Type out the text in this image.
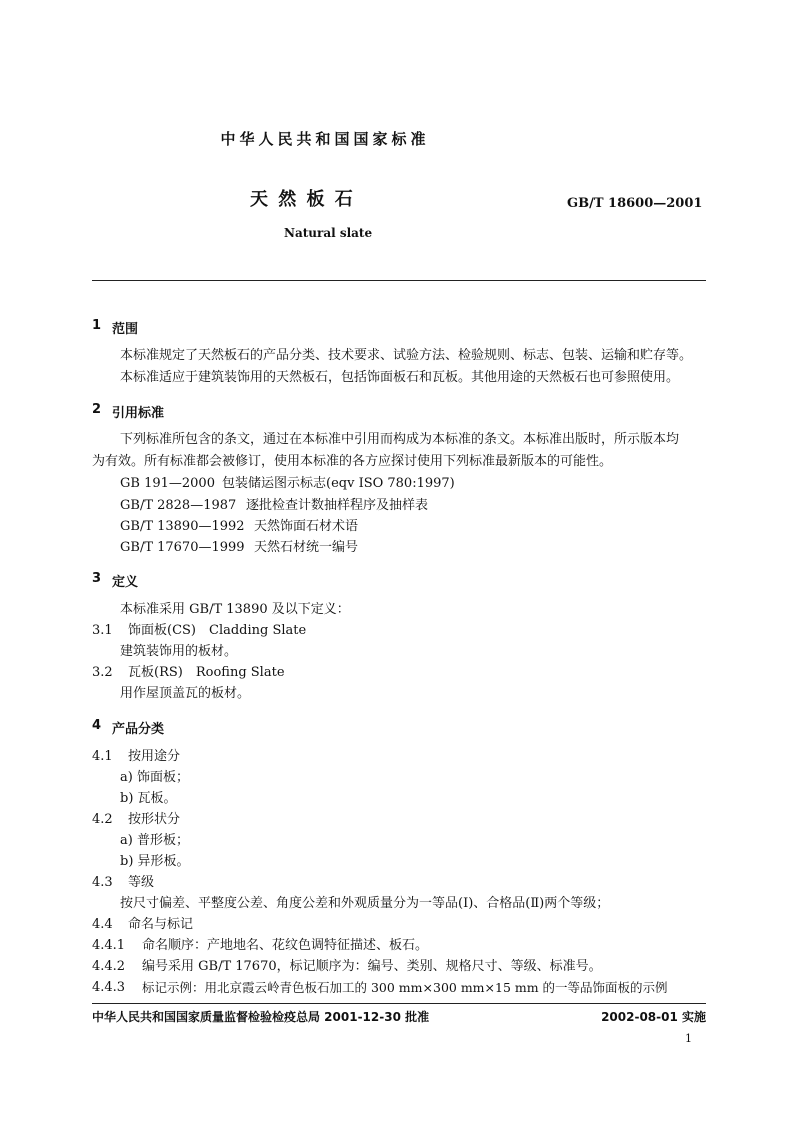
中华人民共和国国家标准
天 然 板 石	GB/T 18600—2001
Natural slate
1 范围
本标准规定了天然板石的产品分类、技术要求、试验方法、检验规则、标志、包装、运输和贮存等。
本标准适应于建筑装饰用的天然板石，包括饰面板石和瓦板。其他用途的天然板石也可参照使用。
2 引用标准
下列标准所包含的条文，通过在本标准中引用而构成为本标准的条文。本标准出版时，所示版本均
为有效。所有标准都会被修订，使用本标准的各方应探讨使用下列标准最新版本的可能性。
GB 191—2000 包装储运图示标志(eqv ISO 780:1997)
GB/T 2828—1987 逐批检查计数抽样程序及抽样表
GB/T 13890—1992 天然饰面石材术语
GB/T 17670—1999 天然石材统一编号
3 定义
本标准采用 GB/T 13890 及以下定义：
3.1 饰面板(CS)　Cladding Slate
建筑装饰用的板材。
3.2 瓦板(RS)　Roofing Slate
用作屋顶盖瓦的板材。
4 产品分类
4.1 按用途分
a) 饰面板；
b) 瓦板。
4.2 按形状分
a) 普形板；
b) 异形板。
4.3 等级
按尺寸偏差、平整度公差、角度公差和外观质量分为一等品(Ⅰ)、合格品(Ⅱ)两个等级；
4.4 命名与标记
4.4.1 命名顺序：产地地名、花纹色调特征描述、板石。
4.4.2 编号采用 GB/T 17670，标记顺序为：编号、类别、规格尺寸、等级、标准号。
4.4.3 标记示例：用北京霞云岭青色板石加工的 300 mm×300 mm×15 mm 的一等品饰面板的示例
中华人民共和国国家质量监督检验检疫总局 2001-12-30 批准	2002-08-01 实施
1
